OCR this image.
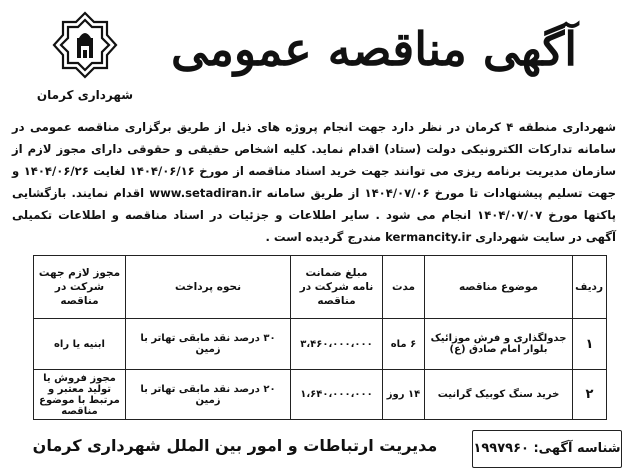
آگهی مناقصه عمومی
شهرداری کرمان
شهرداری منطقه ۴ کرمان در نظر دارد جهت انجام پروژه های ذیل از طریق برگزاری مناقصه عمومی در سامانه تدارکات الکترونیکی دولت (ستاد) اقدام نماید. کلیه اشخاص حقیقی و حقوقی دارای مجوز لازم از سازمان مدیریت برنامه ریزی می توانند جهت خرید اسناد مناقصه از مورخ ۱۴۰۴/۰۶/۱۶ لغایت ۱۴۰۴/۰۶/۲۶ و جهت تسلیم پیشنهادات تا مورخ ۱۴۰۴/۰۷/۰۶ از طریق سامانه www.setadiran.ir اقدام نمایند. بازگشایی پاکتها مورخ ۱۴۰۴/۰۷/۰۷ انجام می شود . سایر اطلاعات و جزئیات در اسناد مناقصه و اطلاعات تکمیلی آگهی در سایت شهرداری kermancity.ir مندرج گردیده است .
ردیف	موضوع مناقصه	مدت	مبلغ ضمانت نامه شرکت در مناقصه	نحوه پرداخت	مجوز لازم جهت شرکت در مناقصه
۱	جدولگذاری و فرش موزائیک بلوار امام صادق (ع)	۶ ماه	۳،۴۶۰،۰۰۰،۰۰۰	۳۰ درصد نقد مابقی تهاتر با زمین	ابنیه یا راه
۲	خرید سنگ کوبیک گرانیت	۱۴ روز	۱،۶۴۰،۰۰۰،۰۰۰	۲۰ درصد نقد مابقی تهاتر با زمین	مجوز فروش یا تولید معتبر و مرتبط با موضوع مناقصه
شناسه آگهی: ۱۹۹۷۹۶۰
مدیریت ارتباطات و امور بین الملل شهرداری کرمان
